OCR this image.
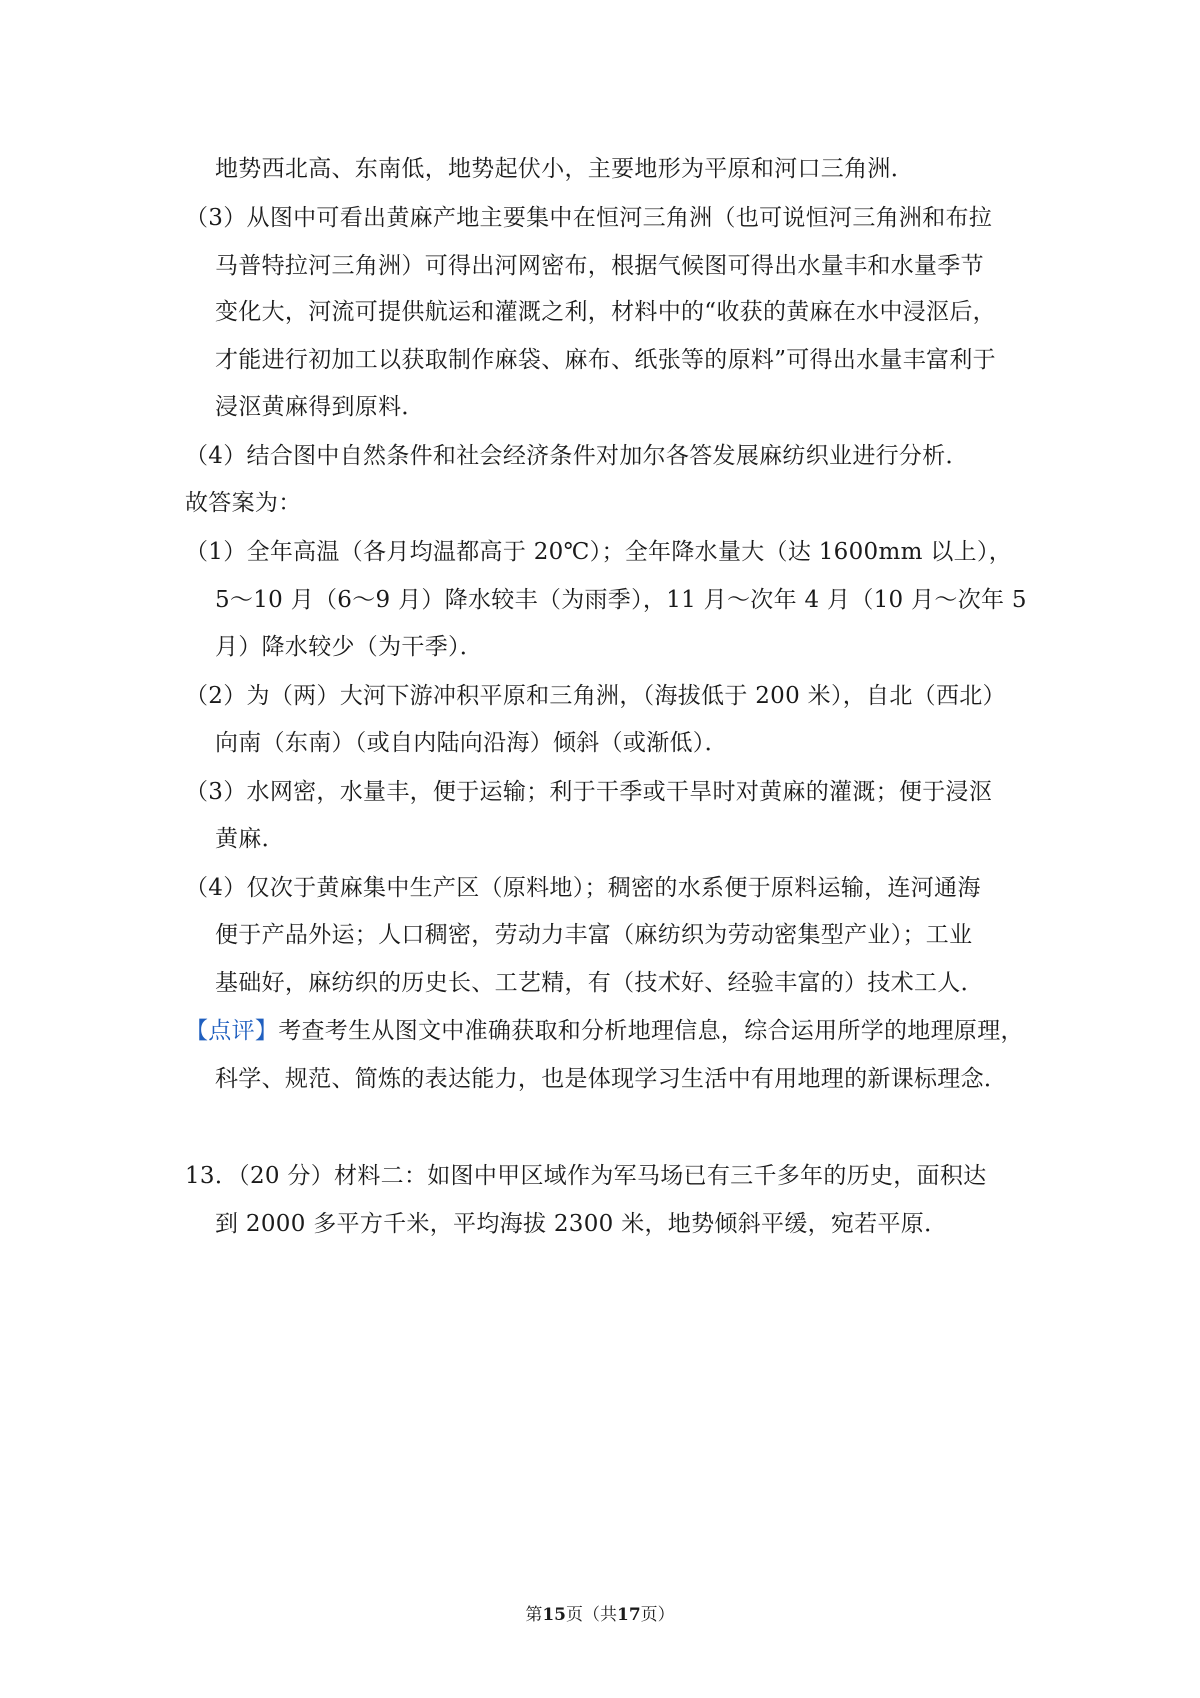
地势西北高、东南低，地势起伏小，主要地形为平原和河口三角洲．
（3）从图中可看出黄麻产地主要集中在恒河三角洲（也可说恒河三角洲和布拉
马普特拉河三角洲）可得出河网密布，根据气候图可得出水量丰和水量季节
变化大，河流可提供航运和灌溉之利，材料中的“收获的黄麻在水中浸沤后，
才能进行初加工以获取制作麻袋、麻布、纸张等的原料”可得出水量丰富利于
浸沤黄麻得到原料．
（4）结合图中自然条件和社会经济条件对加尔各答发展麻纺织业进行分析．
故答案为：
（1）全年高温（各月均温都高于 20℃）；全年降水量大（达 1600mm 以上），
5～10 月（6～9 月）降水较丰（为雨季），11 月～次年 4 月（10 月～次年 5
月）降水较少（为干季）．
（2）为（两）大河下游冲积平原和三角洲，（海拔低于 200 米），自北（西北）
向南（东南）（或自内陆向沿海）倾斜（或渐低）．
（3）水网密，水量丰，便于运输；利于干季或干旱时对黄麻的灌溉；便于浸沤
黄麻．
（4）仅次于黄麻集中生产区（原料地）；稠密的水系便于原料运输，连河通海
便于产品外运；人口稠密，劳动力丰富（麻纺织为劳动密集型产业）；工业
基础好，麻纺织的历史长、工艺精，有（技术好、经验丰富的）技术工人．
【点评】考查考生从图文中准确获取和分析地理信息，综合运用所学的地理原理，
科学、规范、简炼的表达能力，也是体现学习生活中有用地理的新课标理念．
13．（20 分）材料二：如图中甲区域作为军马场已有三千多年的历史，面积达
到 2000 多平方千米，平均海拔 2300 米，地势倾斜平缓，宛若平原．
第15页（共17页）
